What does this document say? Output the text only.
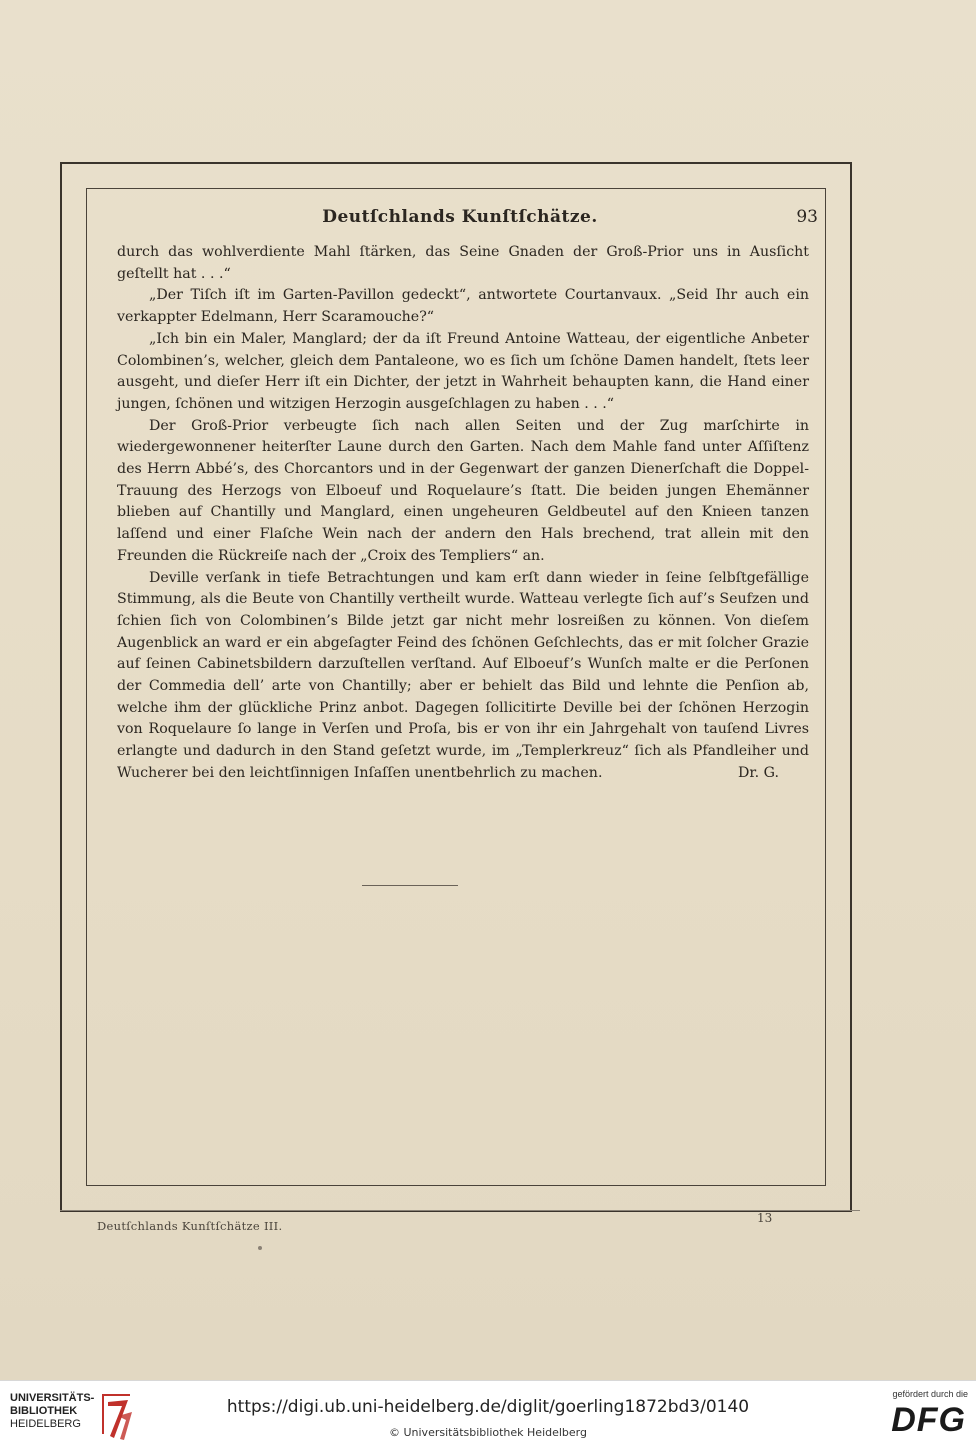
Deutſchlands Kunſtſchätze.	93

durch das wohlverdiente Mahl ſtärken, das Seine Gnaden der Groß-Prior uns in Ausſicht geſtellt hat . . .“

„Der Tiſch iſt im Garten-Pavillon gedeckt“, antwortete Courtanvaux. „Seid Ihr auch ein verkappter Edelmann, Herr Scaramouche?“

„Ich bin ein Maler, Manglard; der da iſt Freund Antoine Watteau, der eigentliche Anbeter Colombinen’s, welcher, gleich dem Pantaleone, wo es ſich um ſchöne Damen handelt, ſtets leer ausgeht, und dieſer Herr iſt ein Dichter, der jetzt in Wahrheit behaupten kann, die Hand einer jungen, ſchönen und witzigen Herzogin ausgeſchlagen zu haben . . .“

Der Groß-Prior verbeugte ſich nach allen Seiten und der Zug marſchirte in wiedergewonnener heiterſter Laune durch den Garten. Nach dem Mahle fand unter Aſſiſtenz des Herrn Abbé’s, des Chorcantors und in der Gegenwart der ganzen Dienerſchaft die Doppel-Trauung des Herzogs von Elboeuf und Roquelaure’s ſtatt. Die beiden jungen Ehemänner blieben auf Chantilly und Manglard, einen ungeheuren Geldbeutel auf den Knieen tanzen laſſend und einer Flaſche Wein nach der andern den Hals brechend, trat allein mit den Freunden die Rückreiſe nach der „Croix des Templiers“ an.

Deville verſank in tiefe Betrachtungen und kam erſt dann wieder in ſeine ſelbſtgefällige Stimmung, als die Beute von Chantilly vertheilt wurde. Watteau verlegte ſich auf’s Seufzen und ſchien ſich von Colombinen’s Bilde jetzt gar nicht mehr losreißen zu können. Von dieſem Augenblick an ward er ein abgeſagter Feind des ſchönen Geſchlechts, das er mit ſolcher Grazie auf ſeinen Cabinetsbildern darzuſtellen verſtand. Auf Elboeuf’s Wunſch malte er die Perſonen der Commedia dell’ arte von Chantilly; aber er behielt das Bild und lehnte die Penſion ab, welche ihm der glückliche Prinz anbot. Dagegen ſollicitirte Deville bei der ſchönen Herzogin von Roquelaure ſo lange in Verſen und Proſa, bis er von ihr ein Jahrgehalt von tauſend Livres erlangte und dadurch in den Stand geſetzt wurde, im „Templerkreuz“ ſich als Pfandleiher und Wucherer bei den leichtſinnigen Inſaſſen unentbehrlich zu machen.	Dr. G.

Deutſchlands Kunſtſchätze III.
13
UNIVERSITÄTS-
BIBLIOTHEK
HEIDELBERG
https://digi.ub.uni-heidelberg.de/diglit/goerling1872bd3/0140
© Universitätsbibliothek Heidelberg
gefördert durch die
DFG
